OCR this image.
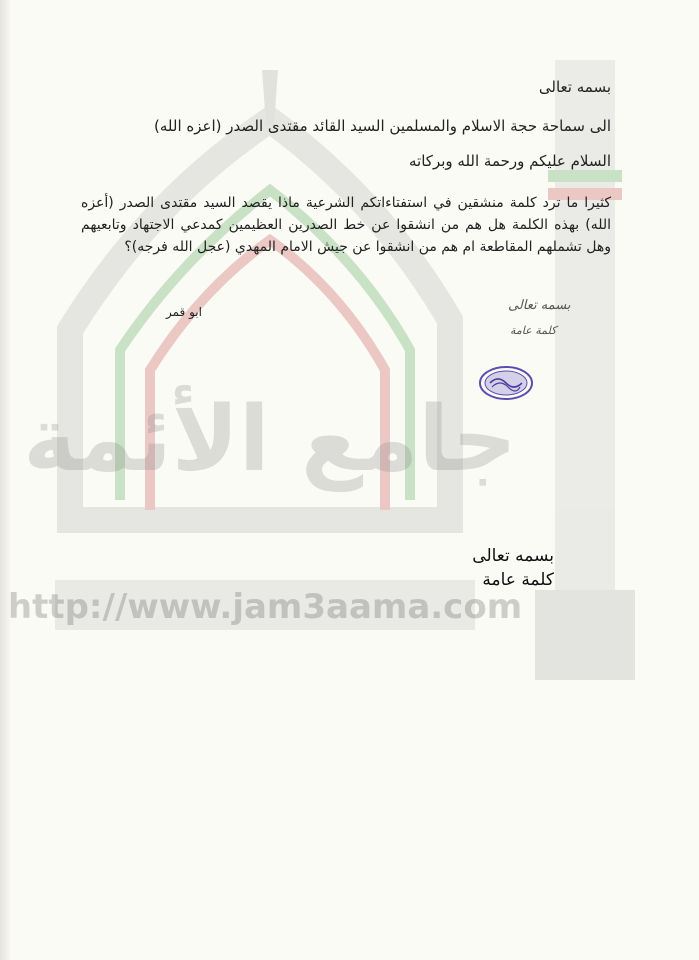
جامع الأئمة
http://www.jam3aama.com
بسمه تعالى
الى سماحة حجة الاسلام والمسلمين السيد القائد مقتدى الصدر (اعزه الله)
السلام عليكم ورحمة الله وبركاته
كثيرا ما ترد كلمة منشقين في استفتاءاتكم الشرعية ماذا يقصد السيد مقتدى الصدر (أعزه الله) بهذه الكلمة هل هم من انشقوا عن خط الصدرين العظيمين كمدعي الاجتهاد وتابعيهم وهل تشملهم المقاطعة ام هم من انشقوا عن جيش الامام المهدي (عجل الله فرجه)؟
ابو قمر	بسمه تعالى
كلمة عامة
بسمه تعالى
كلمة عامة
